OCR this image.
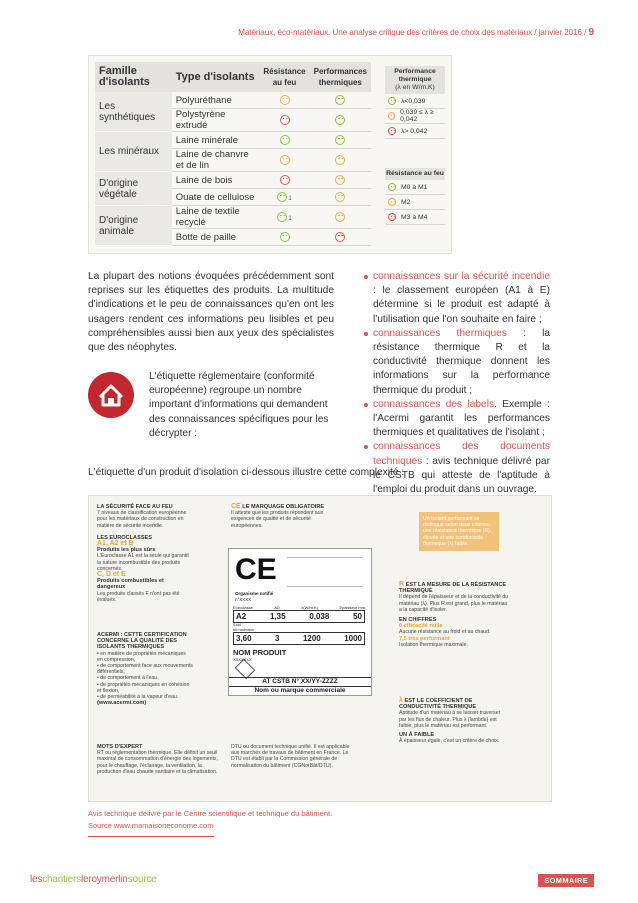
Matériaux, éco-matériaux. Une analyse critique des critères de choix des matériaux / janvier 2016 / 9
Famille d'isolants	Type d'isolants	Résistance au feu	Performances thermiques
Les synthétiques	Polyuréthane		
	Polystyrène extrudé		
Les minéraux	Laine minérale		
	Laine de chanvre et de lin		
D'origine végétale	Laine de bois		
	Ouate de cellulose	1	
D'origine animale	Laine de textile recyclé	1	
	Botte de paille		
Performance thermique
(λ en W/m.K)
λ<0,039
0,039 ≤ λ ≥ 0,042
λ> 0,042
Résistance au feu
M0 à M1
M2
M3 à M4
La plupart des notions évoquées précédemment sont reprises sur les étiquettes des produits. La multitude d'indications et le peu de connaissances qu'en ont les usagers rendent ces informations peu lisibles et peu compréhensibles aussi bien aux yeux des spécialistes que des néophytes.
L'étiquette réglementaire (conformité européenne) regroupe un nombre important d'informations qui demandent des connaissances spécifiques pour les décrypter :
connaissances sur la sécurité incendie : le classement européen (A1 à E) détermine si le produit est adapté à l'utilisation que l'on souhaite en faire ;
connaissances thermiques : la résistance thermique R et la conductivité thermique donnent les informations sur la performance thermique du produit ;
connaissances des labels. Exemple : l'Acermi garantit les performances thermiques et qualitatives de l'isolant ;
connaissances des documents techniques : avis technique délivré par le CSTB qui atteste de l'aptitude à l'emploi du produit dans un ouvrage.
L'étiquette d'un produit d'isolation ci-dessous illustre cette complexité :
LA SÉCURITÉ FACE AU FEU
7 niveaux de classification européenne pour les matériaux de construction en matière de sécurité incendie.
LES EUROCLASSES
A1, A2 et B
Produits les plus sûrs
L'Euroclasse A1 est la seule qui garantit la nature incombustible des produits concernés.
C, D et E
Produits combustibles et dangereux
Les produits classés F n'ont pas été évalués.
ACERMI : CETTE CERTIFICATION CONCERNE LA QUALITÉ DES ISOLANTS THERMIQUES
• en matière de propriétés mécaniques en compression,
• de comportement face aux mouvements différentiels,
• de comportement à l'eau,
• de propriétés mécaniques en cohésion et flexion,
• de perméabilité à la vapeur d'eau.
(www.acermi.com)
CE LE MARQUAGE OBLIGATOIRE
Il atteste que les produits répondent aux exigences de qualité et de sécurité européennes.
Un isolant performant se distingue selon deux critères : une résistance thermique (R) élevée et une conductivité thermique (λ) faible.
R EST LA MESURE DE LA RÉSISTANCE THERMIQUE
Il dépend de l'épaisseur et de la conductivité du matériau (λ). Plus R est grand, plus le matériau a la capacité d'isoler.
EN CHIFFRES
0 efficacité nulle
Aucune résistance au froid et au chaud.
7,5 très performant
Isolation thermique maximale.
λ EST LE COEFFICIENT DE CONDUCTIVITÉ THERMIQUE
Aptitude d'un matériau à se laisser traverser par les flux de chaleur. Plus λ (lambda) est faible, plus le matériau est performant.
UN À FAIBLE
À épaisseur égale, c'est un critère de choix.
MOTS D'EXPERT
RT ou réglementation thermique. Elle définit un seuil maximal de consommation d'énergie des logements, pour le chauffage, l'éclairage, la ventilation, la production d'eau chaude sanitaire et la climatisation.
DTU ou document technique unifié. Il est applicable aux marchés de travaux de bâtiment en France. Le DTU est établi par la Commission générale de normalisation du bâtiment (CGNorBât/DTU).
CE
Organisme notifié
n°XXXX
Euroclasse	AD	λ(W/m.K)	Epaisseur mm
A2	1,35	0,038	50
S1d0
nb rouleaux
3,60	3	1200	1000
NOM PRODUIT
XXXXXXX
AT CSTB N° XX/YY-ZZZZ
Nom ou marque commerciale
Avis technique délivré par le Centre scientifique et technique du bâtiment.
Source www.mamaisoneconome.com
leschantiersleroymerlinsource	SOMMAIRE
